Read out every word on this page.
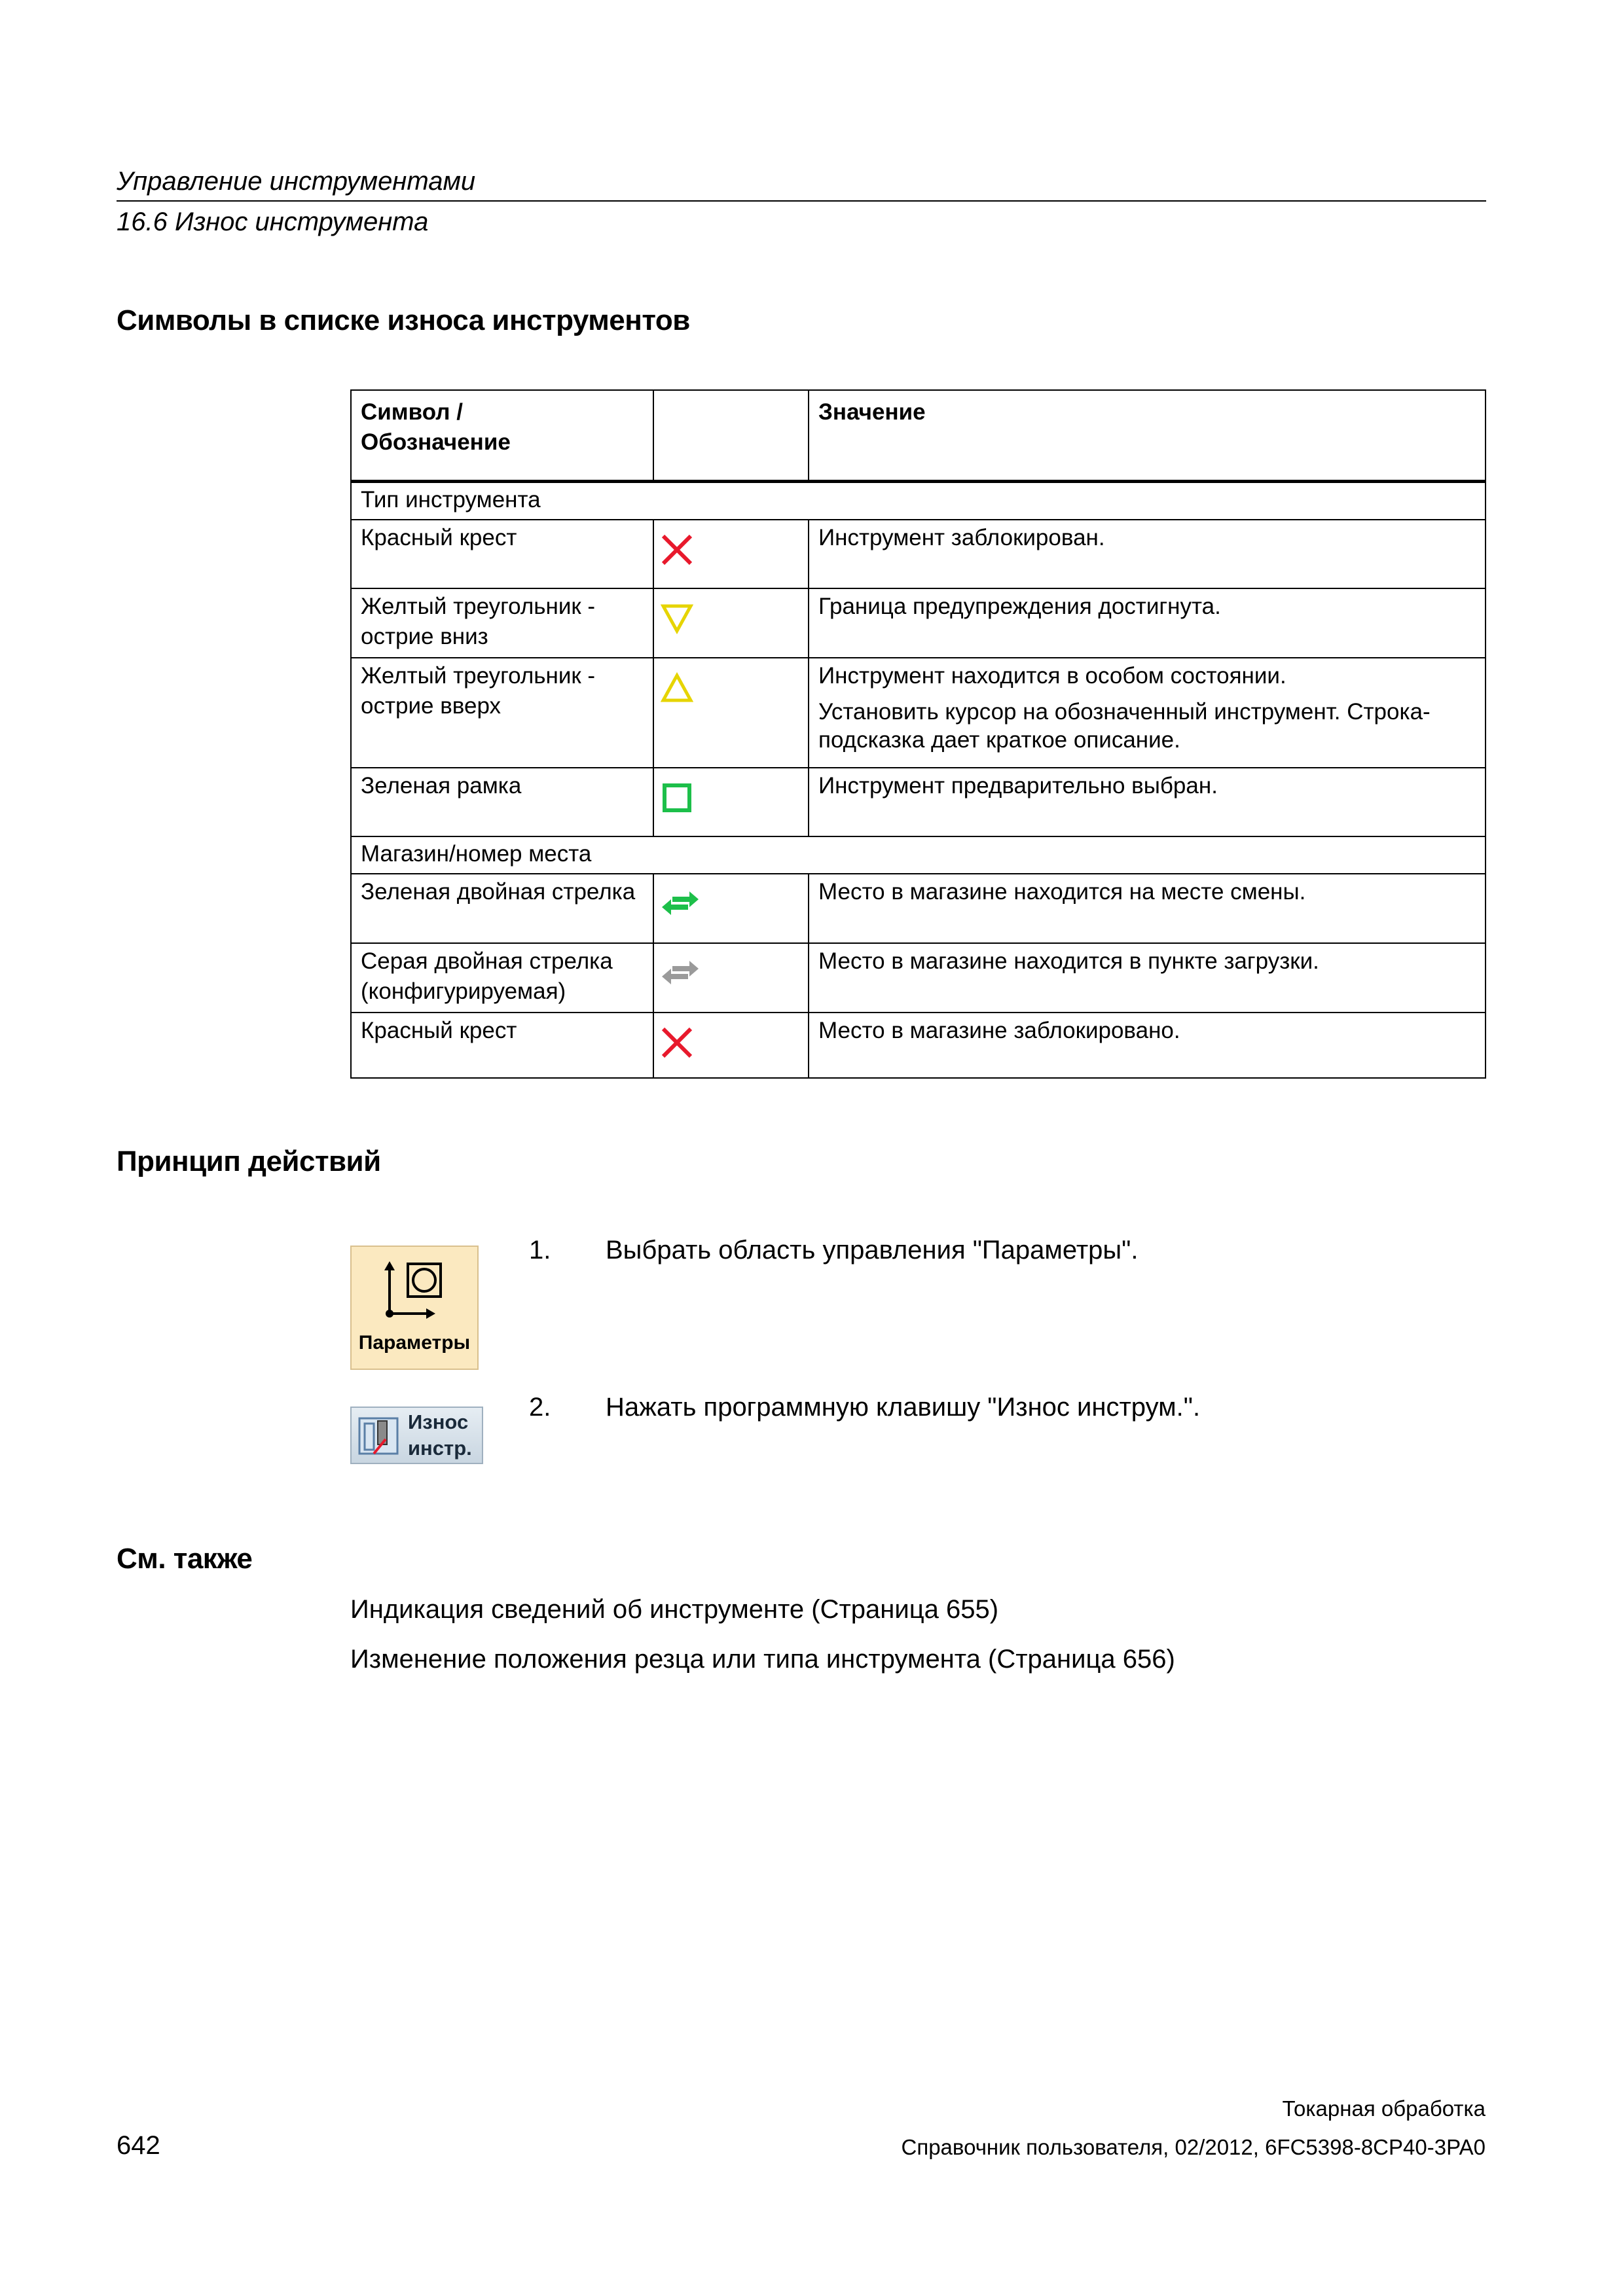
Управление инструментами
16.6 Износ инструмента
Символы в списке износа инструментов
Символ /
Обозначение		Значение
Тип инструмента		
Красный крест		Инструмент заблокирован.
Желтый треугольник - острие вниз		Граница предупреждения достигнута.
Желтый треугольник - острие вверх		Инструмент находится в особом состоянии.
Установить курсор на обозначенный инструмент. Строка-подсказка дает краткое описание.

Зеленая рамка		Инструмент предварительно выбран.
Магазин/номер места		
Зеленая двойная стрелка		Место в магазине находится на месте смены.
Серая двойная стрелка (конфигурируемая)		Место в магазине находится в пункте загрузки.
Красный крест		Место в магазине заблокировано.
Принцип действий
Параметры
1. Выбрать область управления "Параметры".
Износ
инстр.
2. Нажать программную клавишу "Износ инструм.".
См. также
Индикация сведений об инструменте (Страница 655)
Изменение положения резца или типа инструмента (Страница 656)
Токарная обработка
Справочник пользователя, 02/2012, 6FC5398-8CP40-3PA0
642
